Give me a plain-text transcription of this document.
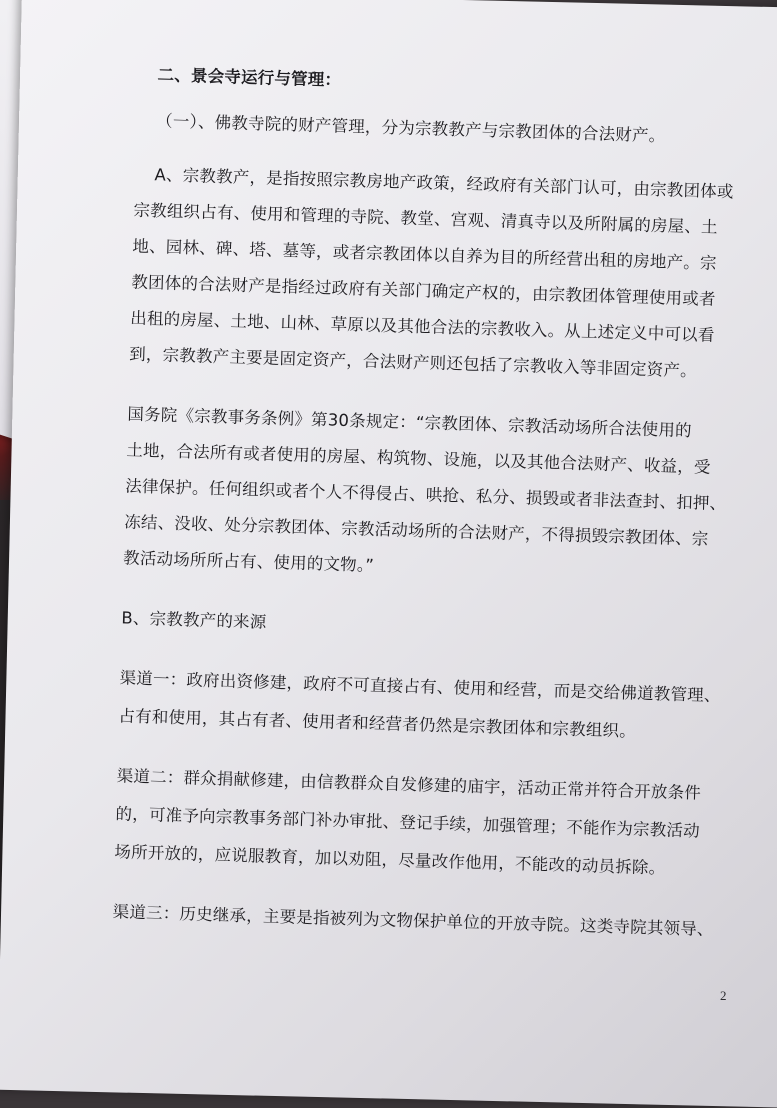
二、景会寺运行与管理：
（一）、佛教寺院的财产管理，分为宗教教产与宗教团体的合法财产。
A、宗教教产，是指按照宗教房地产政策，经政府有关部门认可，由宗教团体或
宗教组织占有、使用和管理的寺院、教堂、宫观、清真寺以及所附属的房屋、土
地、园林、碑、塔、墓等，或者宗教团体以自养为目的所经营出租的房地产。宗
教团体的合法财产是指经过政府有关部门确定产权的，由宗教团体管理使用或者
出租的房屋、土地、山林、草原以及其他合法的宗教收入。从上述定义中可以看
到，宗教教产主要是固定资产，合法财产则还包括了宗教收入等非固定资产。
国务院《宗教事务条例》第30条规定：“宗教团体、宗教活动场所合法使用的
土地，合法所有或者使用的房屋、构筑物、设施，以及其他合法财产、收益，受
法律保护。任何组织或者个人不得侵占、哄抢、私分、损毁或者非法查封、扣押、
冻结、没收、处分宗教团体、宗教活动场所的合法财产，不得损毁宗教团体、宗
教活动场所所占有、使用的文物。”
B、宗教教产的来源
渠道一：政府出资修建，政府不可直接占有、使用和经营，而是交给佛道教管理、
占有和使用，其占有者、使用者和经营者仍然是宗教团体和宗教组织。
渠道二：群众捐献修建，由信教群众自发修建的庙宇，活动正常并符合开放条件
的，可准予向宗教事务部门补办审批、登记手续，加强管理；不能作为宗教活动
场所开放的，应说服教育，加以劝阻，尽量改作他用，不能改的动员拆除。
渠道三：历史继承，主要是指被列为文物保护单位的开放寺院。这类寺院其领导、
2
